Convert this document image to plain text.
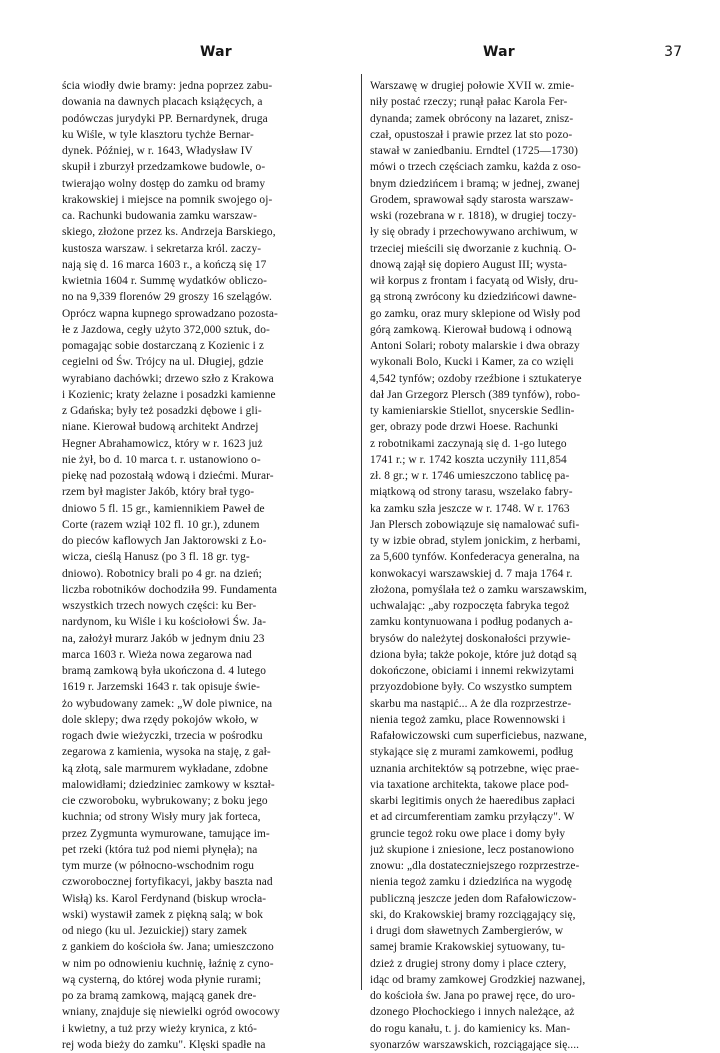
War	War	37
ścia wiodły dwie bramy: jedna poprzez zabu-
dowania na dawnych placach książęcych, a
podówczas jurydyki PP. Bernardynek, druga
ku Wiśle, w tyle klasztoru tychże Bernar-
dynek. Później, w r. 1643, Władysław IV
skupił i zburzył przedzamkowe budowle, o-
twierająo wolny dostęp do zamku od bramy
krakowskiej i miejsce na pomnik swojego oj-
ca. Rachunki budowania zamku warszaw-
skiego, złożone przez ks. Andrzeja Barskiego,
kustosza warszaw. i sekretarza król. zaczy-
nają się d. 16 marca 1603 r., a kończą się 17
kwietnia 1604 r. Summę wydatków obliczo-
no na 9,339 florenów 29 groszy 16 szelągów.
Oprócz wapna kupnego sprowadzano pozosta-
łe z Jazdowa, cegły użyto 372,000 sztuk, do-
pomagając sobie dostarczaną z Kozienic i z
cegielni od Św. Trójcy na ul. Długiej, gdzie
wyrabiano dachówki; drzewo szło z Krakowa
i Kozienic; kraty żelazne i posadzki kamienne
z Gdańska; były też posadzki dębowe i gli-
niane. Kierował budową architekt Andrzej
Hegner Abrahamowicz, który w r. 1623 już
nie żył, bo d. 10 marca t. r. ustanowiono o-
piekę nad pozostałą wdową i dziećmi. Murar-
rzem był magister Jakób, który brał tygo-
dniowo 5 fl. 15 gr., kamiennikiem Paweł de
Corte (razem wziął 102 fl. 10 gr.), zdunem
do pieców kaflowych Jan Jaktorowski z Ło-
wicza, cieślą Hanusz (po 3 fl. 18 gr. tyg-
dniowo). Robotnicy brali po 4 gr. na dzień;
liczba robotników dochodziła 99. Fundamenta
wszystkich trzech nowych części: ku Ber-
nardynom, ku Wiśle i ku kościołowi Św. Ja-
na, założył murarz Jakób w jednym dniu 23
marca 1603 r. Wieża nowa zegarowa nad
bramą zamkową była ukończona d. 4 lutego
1619 r. Jarzemski 1643 r. tak opisuje świe-
żo wybudowany zamek: „W dole piwnice, na
dole sklepy; dwa rzędy pokojów wkoło, w
rogach dwie wieżyczki, trzecia w pośrodku
zegarowa z kamienia, wysoka na staję, z gał-
ką złotą, sale marmurem wykładane, zdobne
malowidłami; dziedziniec zamkowy w kształ-
cie czworoboku, wybrukowany; z boku jego
kuchnia; od strony Wisły mury jak forteca,
przez Zygmunta wymurowane, tamujące im-
pet rzeki (która tuż pod niemi płynęła); na
tym murze (w północno-wschodnim rogu
czworobocznej fortyfikacyi, jakby baszta nad
Wisłą) ks. Karol Ferdynand (biskup wrocła-
wski) wystawił zamek z piękną salą; w bok
od niego (ku ul. Jezuickiej) stary zamek
z gankiem do kościoła św. Jana; umieszczono
w nim po odnowieniu kuchnię, łaźnię z cyno-
wą cysterną, do której woda płynie rurami;
po za bramą zamkową, mającą ganek dre-
wniany, znajduje się niewielki ogród owocowy
i kwietny, a tuż przy wieży krynica, z któ-
rej woda bieży do zamku". Klęski spadłe na
Warszawę w drugiej połowie XVII w. zmie-
niły postać rzeczy; runął pałac Karola Fer-
dynanda; zamek obrócony na lazaret, znisz-
czał, opustoszał i prawie przez lat sto pozo-
stawał w zaniedbaniu. Erndtel (1725—1730)
mówi o trzech częściach zamku, każda z oso-
bnym dziedzińcem i bramą; w jednej, zwanej
Grodem, sprawował sądy starosta warszaw-
wski (rozebrana w r. 1818), w drugiej toczy-
ły się obrady i przechowywano archiwum, w
trzeciej mieścili się dworzanie z kuchnią. O-
dnową zajął się dopiero August III; wysta-
wił korpus z frontam i facyatą od Wisły, dru-
gą stroną zwrócony ku dziedzińcowi dawne-
go zamku, oraz mury sklepione od Wisły pod
górą zamkową. Kierował budową i odnową
Antoni Solari; roboty malarskie i dwa obrazy
wykonali Bolo, Kucki i Kamer, za co wzięli
4,542 tynfów; ozdoby rzeźbione i sztukaterye
dał Jan Grzegorz Plersch (389 tynfów), robo-
ty kamieniarskie Stiellot, snycerskie Sedlin-
ger, obrazy pode drzwi Hoese. Rachunki
z robotnikami zaczynają się d. 1-go lutego
1741 r.; w r. 1742 koszta uczyniły 111,854
zł. 8 gr.; w r. 1746 umieszczono tablicę pa-
miątkową od strony tarasu, wszelako fabry-
ka zamku szła jeszcze w r. 1748. W r. 1763
Jan Plersch zobowiązuje się namalować sufi-
ty w izbie obrad, stylem jonickim, z herbami,
za 5,600 tynfów. Konfederacya generalna, na
konwokacyi warszawskiej d. 7 maja 1764 r.
złożona, pomyślała też o zamku warszawskim,
uchwalając: „aby rozpoczęta fabryka tegoż
zamku kontynuowana i podług podanych a-
brysów do należytej doskonałości przywie-
dziona była; także pokoje, które już dotąd są
dokończone, obiciami i innemi rekwizytami
przyozdobione były. Co wszystko sumptem
skarbu ma nastąpić... A że dla rozprzestrze-
nienia tegoż zamku, place Rowennowski i
Rafałowiczowski cum superficiebus, nazwane,
stykające się z murami zamkowemi, podług
uznania architektów są potrzebne, więc prae-
via taxatione architekta, takowe place pod-
skarbi legitimis onych że haeredibus zapłaci
et ad circumferentiam zamku przyłączy". W
gruncie tegoż roku owe place i domy były
już skupione i zniesione, lecz postanowiono
znowu: „dla dostateczniejszego rozprzestrze-
nienia tegoż zamku i dziedzińca na wygodę
publiczną jeszcze jeden dom Rafałowiczow-
ski, do Krakowskiej bramy rozciągający się,
i drugi dom sławetnych Zambergierów, w
samej bramie Krakowskiej sytuowany, tu-
dzież z drugiej strony domy i place cztery,
idąc od bramy zamkowej Grodzkiej nazwanej,
do kościoła św. Jana po prawej ręce, do uro-
dzonego Płochockiego i innych należące, aż
do rogu kanału, t. j. do kamienicy ks. Man-
syonarzów warszawskich, rozciągające się....
